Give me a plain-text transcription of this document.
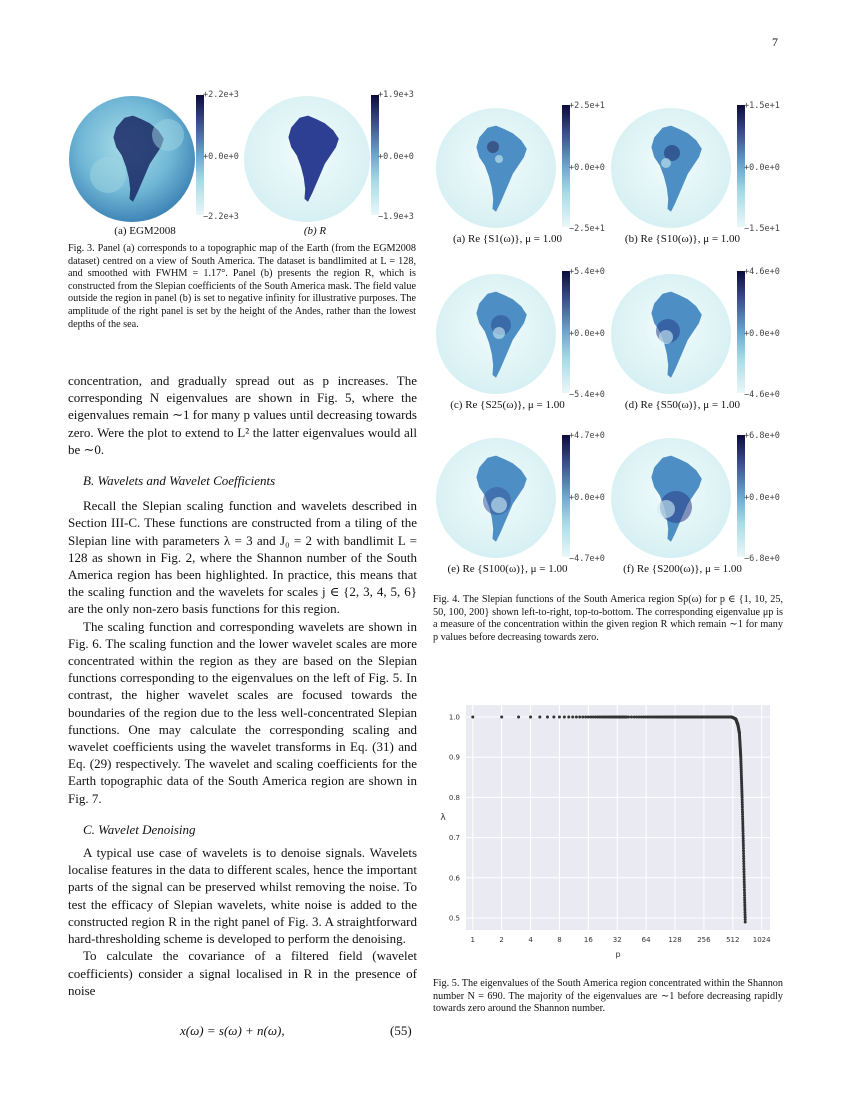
7
+2.2e+3
+0.0e+0
−2.2e+3
(a) EGM2008
+1.9e+3
+0.0e+0
−1.9e+3
(b) R
Fig. 3. Panel (a) corresponds to a topographic map of the Earth (from the EGM2008 dataset) centred on a view of South America. The dataset is bandlimited at L = 128, and smoothed with FWHM = 1.17°. Panel (b) presents the region R, which is constructed from the Slepian coefficients of the South America mask. The field value outside the region in panel (b) is set to negative infinity for illustrative purposes. The amplitude of the right panel is set by the height of the Andes, rather than the lowest depths of the sea.

concentration, and gradually spread out as p increases. The corresponding N eigenvalues are shown in Fig. 5, where the eigenvalues remain ∼1 for many p values until decreasing towards zero. Were the plot to extend to L² the latter eigenvalues would all be ∼0.

B. Wavelets and Wavelet Coefficients

Recall the Slepian scaling function and wavelets described in Section III-C. These functions are constructed from a tiling of the Slepian line with parameters λ = 3 and J₀ = 2 with bandlimit L = 128 as shown in Fig. 2, where the Shannon number of the South America region has been highlighted. In practice, this means that the scaling function and the wavelets for scales j ∈ {2, 3, 4, 5, 6} are the only non-zero basis functions for this region.

The scaling function and corresponding wavelets are shown in Fig. 6. The scaling function and the lower wavelet scales are more concentrated within the region as they are based on the Slepian functions corresponding to the eigenvalues on the left of Fig. 5. In contrast, the higher wavelet scales are focused towards the boundaries of the region due to the less well-concentrated Slepian functions. One may calculate the corresponding scaling and wavelet coefficients using the wavelet transforms in Eq. (31) and Eq. (29) respectively. The wavelet and scaling coefficients for the Earth topographic data of the South America region are shown in Fig. 7.

C. Wavelet Denoising

A typical use case of wavelets is to denoise signals. Wavelets localise features in the data to different scales, hence the important parts of the signal can be preserved whilst removing the noise. To test the efficacy of Slepian wavelets, white noise is added to the constructed region R in the right panel of Fig. 3. A straightforward hard-thresholding scheme is developed to perform the denoising.

To calculate the covariance of a filtered field (wavelet coefficients) consider a signal localised in R in the presence of noise

x(ω) = s(ω) + n(ω),	(55)
+2.5e+1
+0.0e+0
−2.5e+1
(a) Re {S1(ω)}, μ = 1.00
+1.5e+1
+0.0e+0
−1.5e+1
(b) Re {S10(ω)}, μ = 1.00
+5.4e+0
+0.0e+0
−5.4e+0
(c) Re {S25(ω)}, μ = 1.00
+4.6e+0
+0.0e+0
−4.6e+0
(d) Re {S50(ω)}, μ = 1.00
+4.7e+0
+0.0e+0
−4.7e+0
(e) Re {S100(ω)}, μ = 1.00
+6.8e+0
+0.0e+0
−6.8e+0
(f) Re {S200(ω)}, μ = 1.00
Fig. 4. The Slepian functions of the South America region Sp(ω) for p ∈ {1, 10, 25, 50, 100, 200} shown left-to-right, top-to-bottom. The corresponding eigenvalue μp is a measure of the concentration within the given region R which remain ∼1 for many p values before decreasing towards zero.
1	2	4	8	16	32	64	128 256 512 1024
0.5
0.6
0.7
0.8
0.9
1.0
p
λ
Fig. 5. The eigenvalues of the South America region concentrated within the Shannon number N = 690. The majority of the eigenvalues are ∼1 before decreasing rapidly towards zero around the Shannon number.
